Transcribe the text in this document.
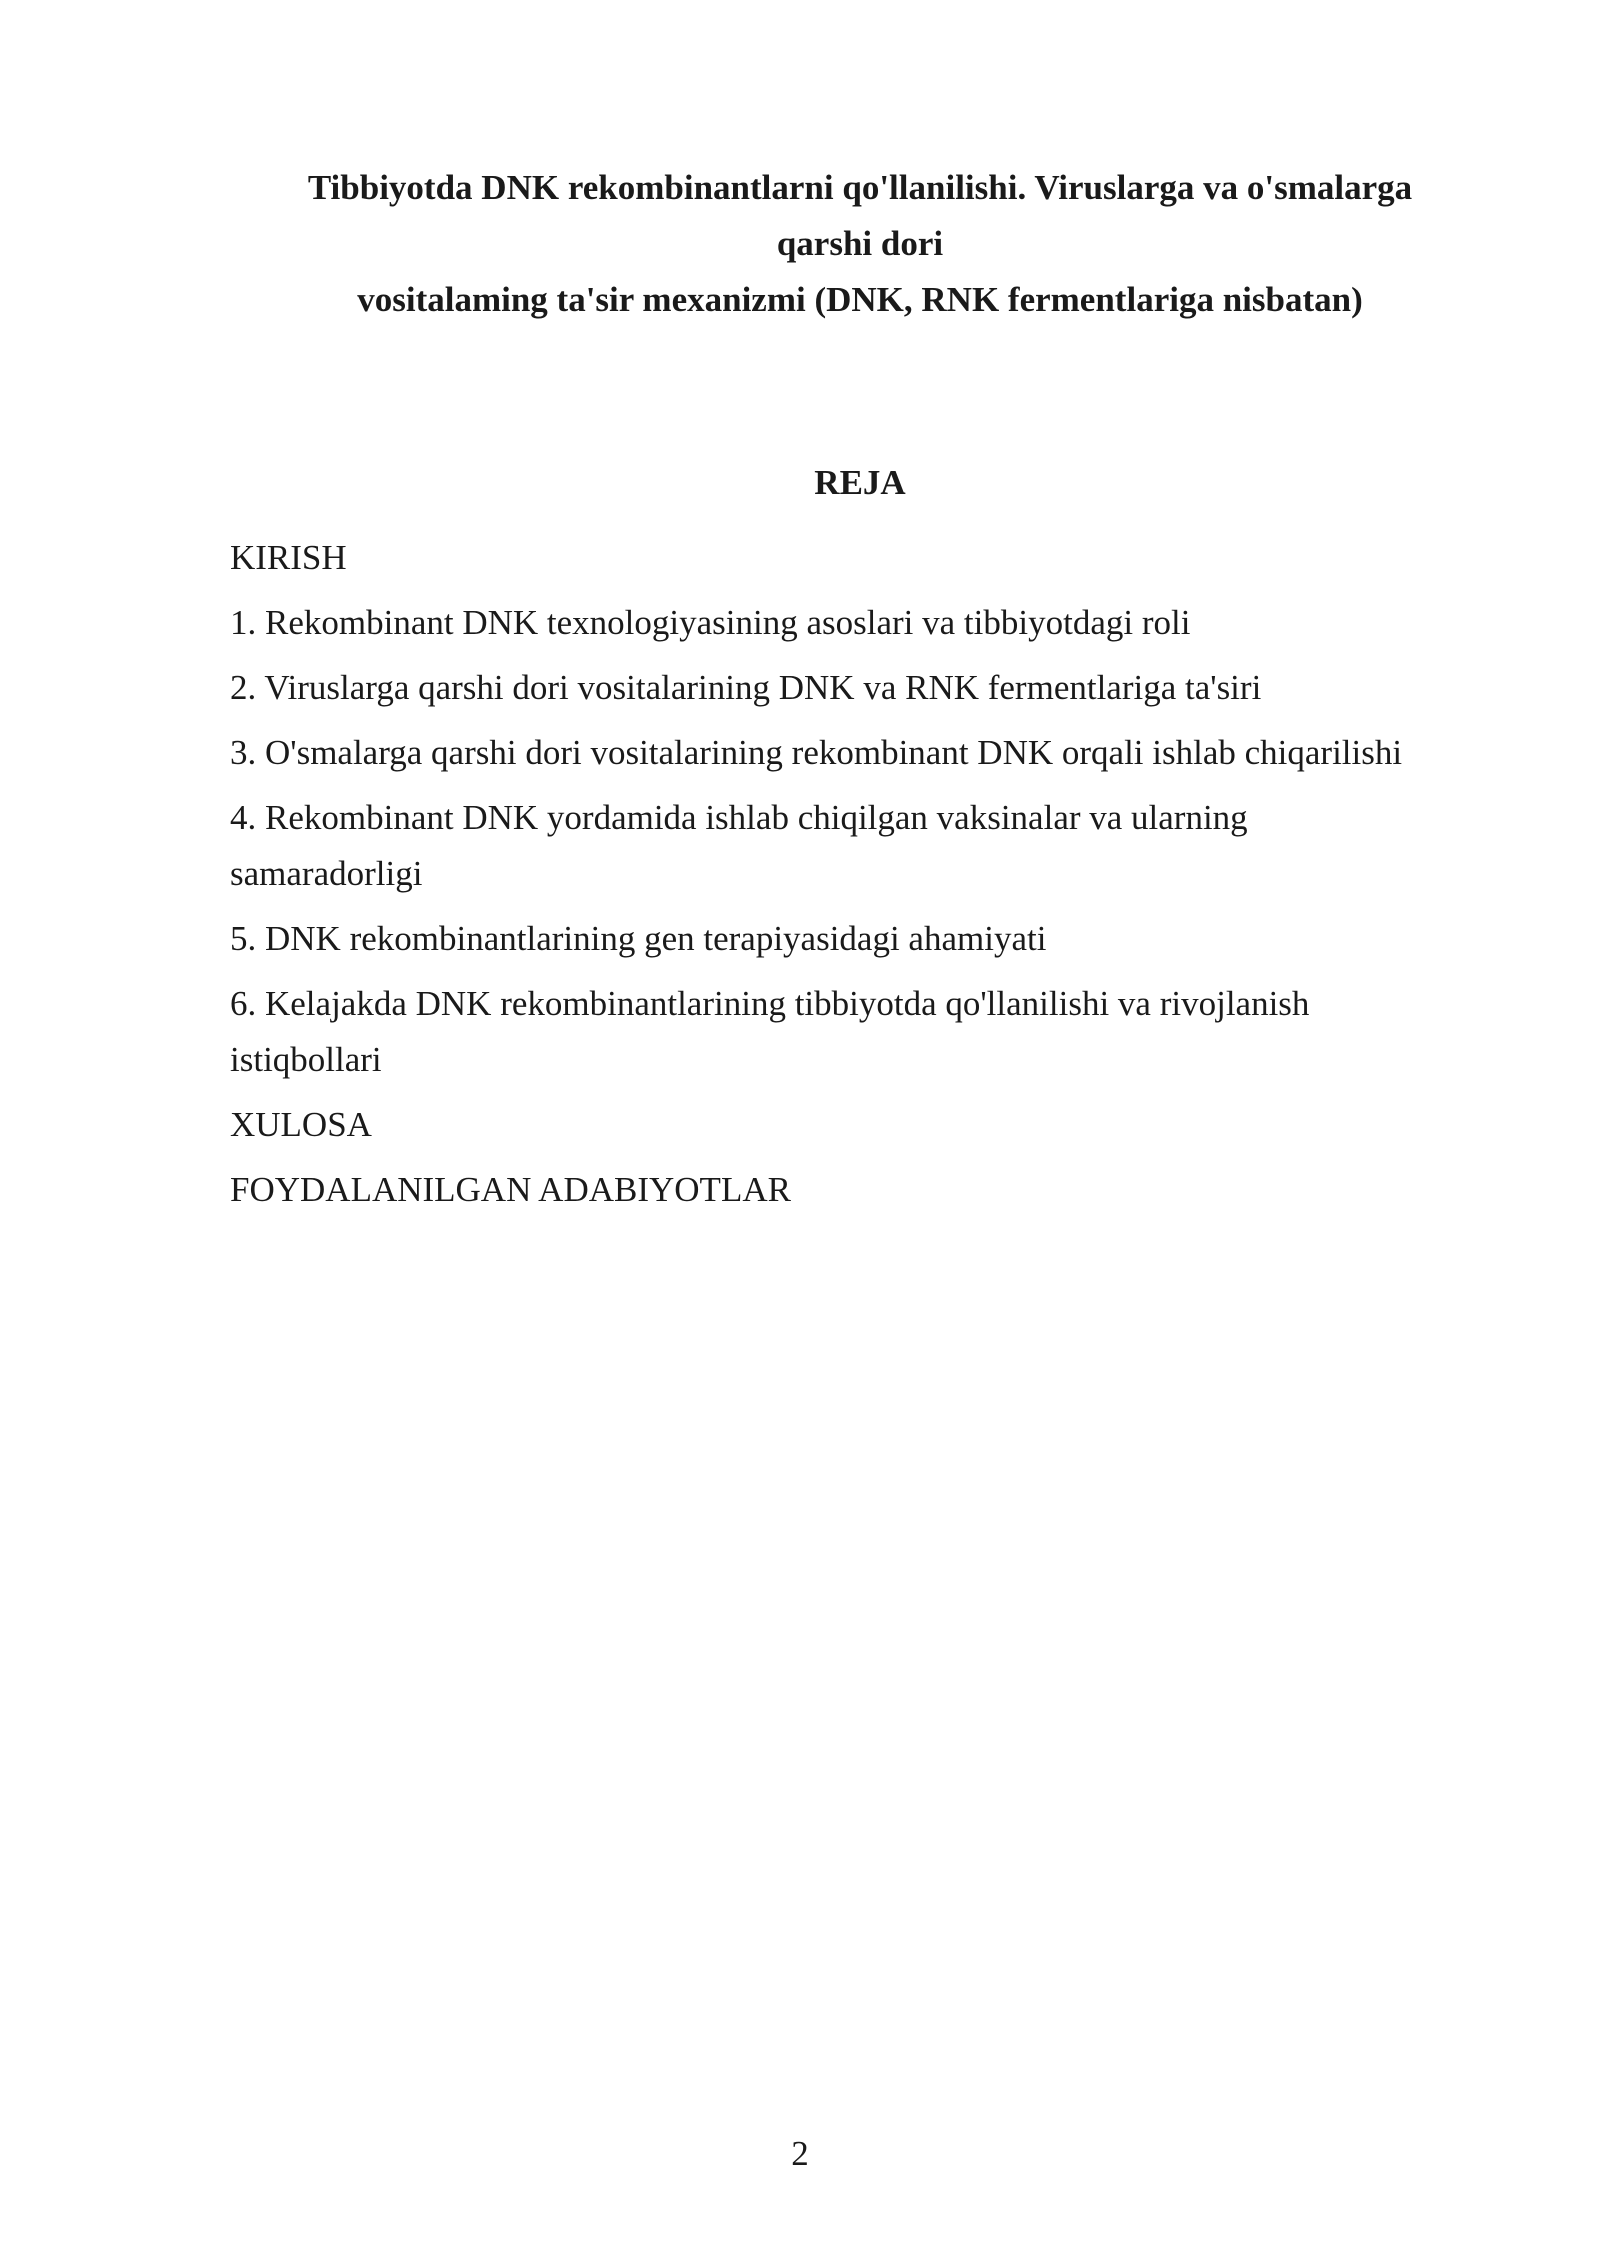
Tibbiyotda DNK rekombinantlarni qo'llanilishi. Viruslarga va o'smalarga
qarshi dori
vositalaming ta'sir mexanizmi (DNK, RNK fermentlariga nisbatan)
REJA
KIRISH
1. Rekombinant DNK texnologiyasining asoslari va tibbiyotdagi roli
2. Viruslarga qarshi dori vositalarining DNK va RNK fermentlariga ta'siri
3. O'smalarga qarshi dori vositalarining rekombinant DNK orqali ishlab chiqarilishi
4. Rekombinant DNK yordamida ishlab chiqilgan vaksinalar va ularning samaradorligi
5. DNK rekombinantlarining gen terapiyasidagi ahamiyati
6. Kelajakda DNK rekombinantlarining tibbiyotda qo'llanilishi va rivojlanish istiqbollari
XULOSA
FOYDALANILGAN ADABIYOTLAR
2
